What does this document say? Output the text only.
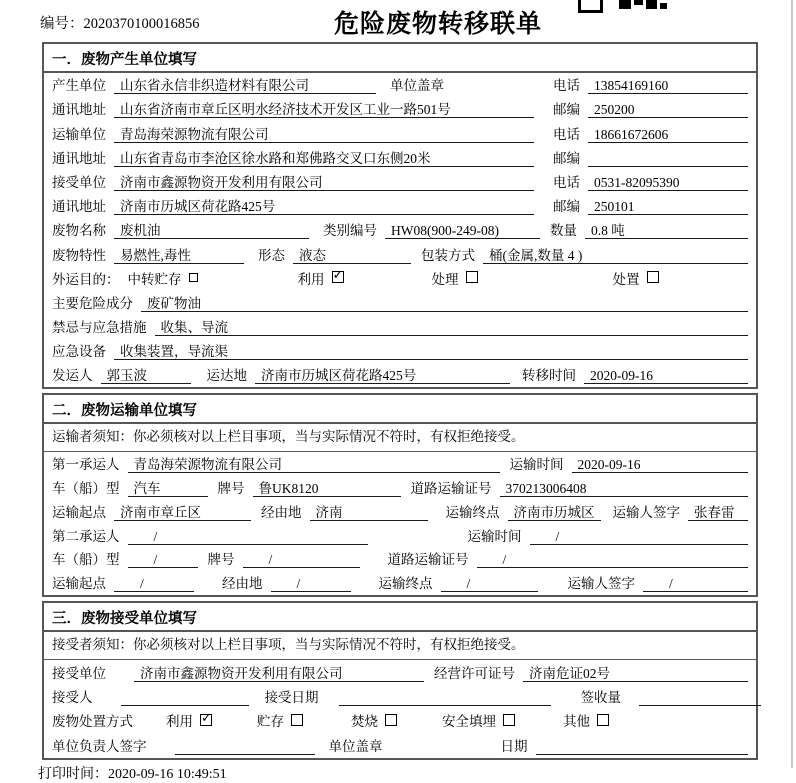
编号：2020370100016856	危险废物转移联单
一．废物产生单位填写
产生单位	山东省永信非织造材料有限公司	单位盖章	电话	13854169160
通讯地址	山东省济南市章丘区明水经济技术开发区工业一路501号	邮编	250200
运输单位	青岛海荣源物流有限公司	电话	18661672606
通讯地址	山东省青岛市李沧区徐水路和郑佛路交叉口东侧20米	邮编
接受单位	济南市鑫源物资开发利用有限公司	电话	0531-82095390
通讯地址	济南市历城区荷花路425号	邮编	250101
废物名称	废机油	类别编号	HW08(900-249-08)	数量	0.8 吨
废物特性	易燃性,毒性	形态	液态	包装方式	桶(金属,数量 4 )
外运目的： 中转贮存	利用 ✓	处理	处置
主要危险成分	废矿物油
禁忌与应急措施	收集、导流
应急设备	收集装置，导流渠
发运人	郭玉波	运达地	济南市历城区荷花路425号	转移时间	2020-09-16
二．废物运输单位填写
运输者须知：你必须核对以上栏目事项，当与实际情况不符时，有权拒绝接受。
第一承运人	青岛海荣源物流有限公司	运输时间	2020-09-16
车（船）型	汽车	牌号	鲁UK8120	道路运输证号	370213006408
运输起点	济南市章丘区	经由地	济南	运输终点	济南市历城区	运输人签字	张春雷
第二承运人	/	运输时间	/
车（船）型	/	牌号	/	道路运输证号	/
运输起点	/	经由地	/	运输终点	/	运输人签字	/
三．废物接受单位填写
接受者须知：你必须核对以上栏目事项，当与实际情况不符时，有权拒绝接受。
接受单位	济南市鑫源物资开发利用有限公司	经营许可证号	济南危证02号
接受人	接受日期	签收量
废物处置方式 利用 ✓	贮存	焚烧	安全填埋	其他
单位负责人签字	单位盖章	日期
打印时间：2020-09-16 10:49:51
